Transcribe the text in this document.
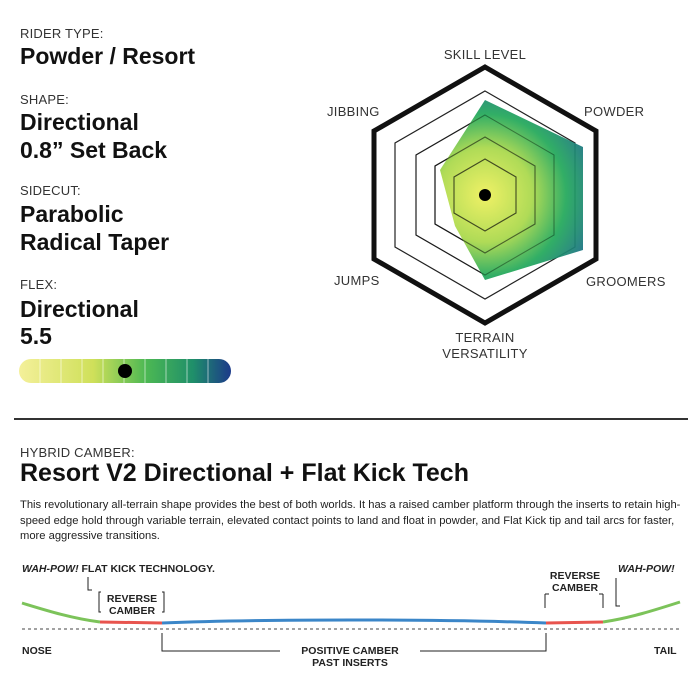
RIDER TYPE:
Powder / Resort
SHAPE:
Directional
0.8” Set Back
SIDECUT:
Parabolic
Radical Taper
FLEX:
Directional
5.5
SKILL LEVEL
POWDER
GROOMERS
TERRAIN
VERSATILITY
JUMPS
JIBBING
HYBRID CAMBER:
Resort V2 Directional + Flat Kick Tech
This revolutionary all-terrain shape provides the best of both worlds. It has a raised camber platform through the inserts to retain high-speed edge hold through variable terrain, elevated contact points to land and float in powder, and Flat Kick tip and tail arcs for faster, more aggressive transitions.
WAH-POW! FLAT KICK TECHNOLOGY.	WAH-POW!
REVERSE
CAMBER
REVERSE
CAMBER
POSITIVE CAMBER
PAST INSERTS
NOSE	TAIL
